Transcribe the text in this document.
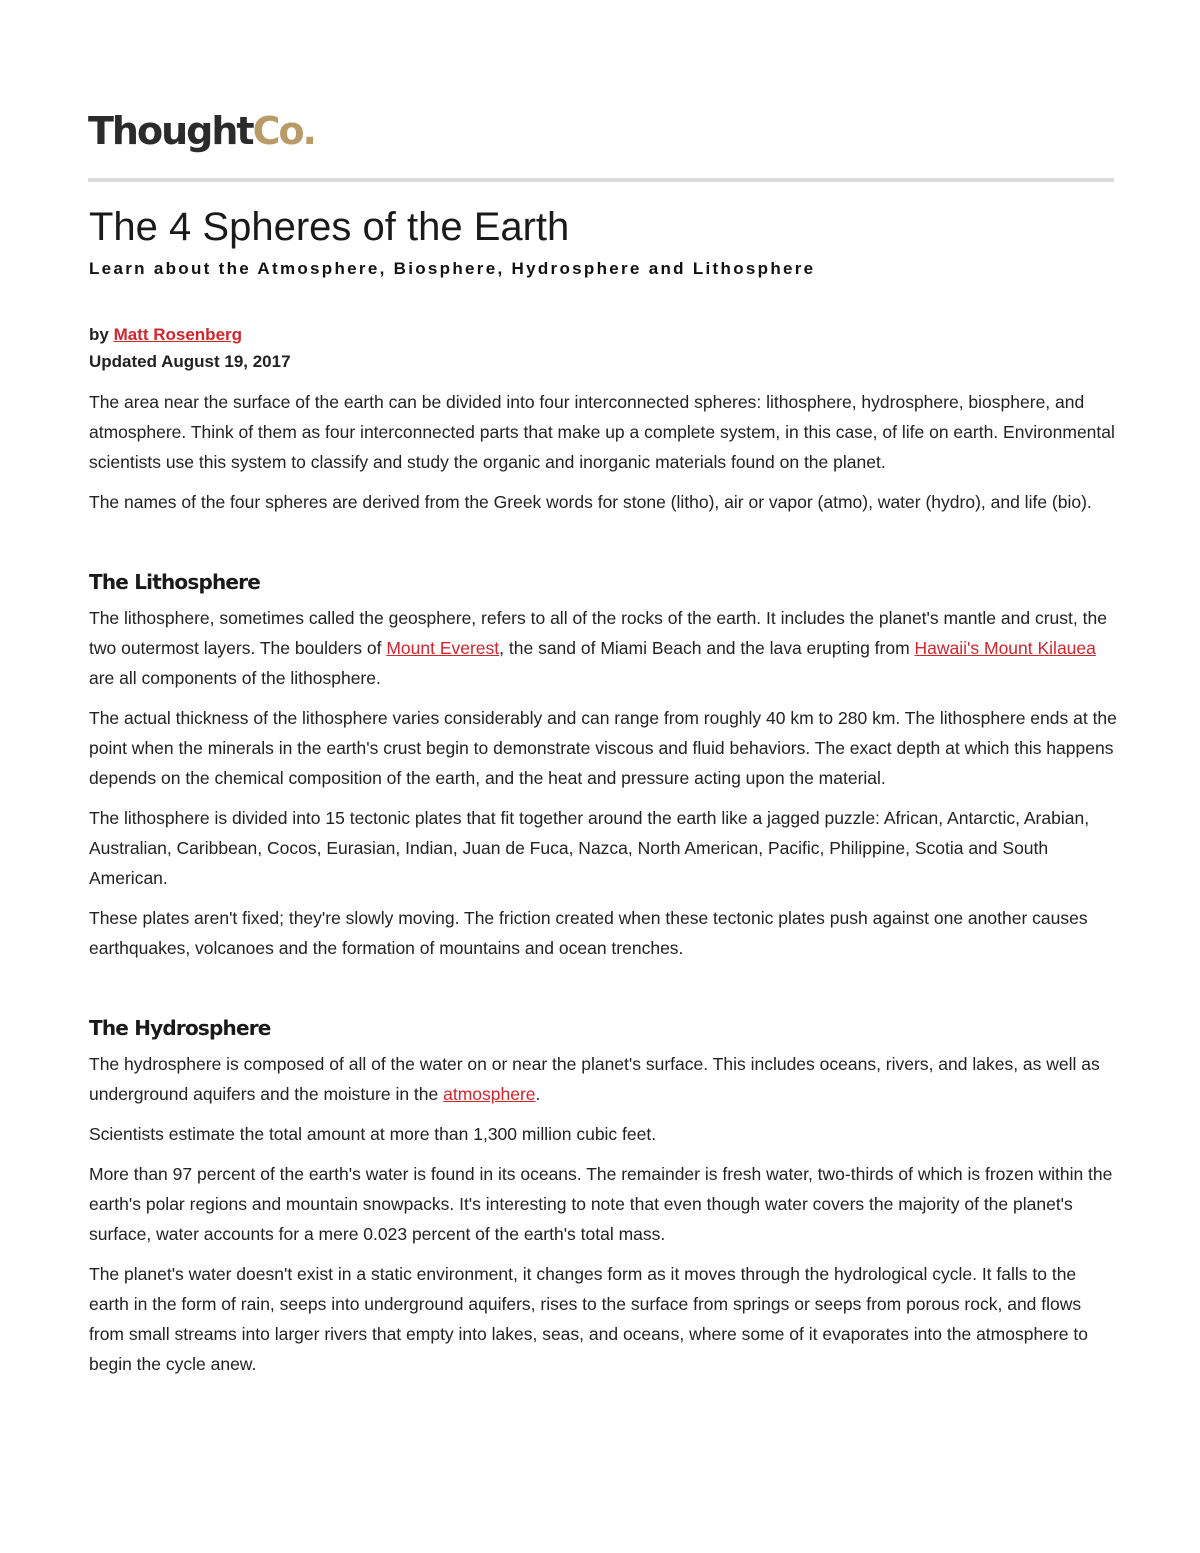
ThoughtCo.
The 4 Spheres of the Earth
Learn about the Atmosphere, Biosphere, Hydrosphere and Lithosphere
by Matt Rosenberg
Updated August 19, 2017

The area near the surface of the earth can be divided into four interconnected spheres: lithosphere, hydrosphere, biosphere, and atmosphere. Think of them as four interconnected parts that make up a complete system, in this case, of life on earth. Environmental scientists use this system to classify and study the organic and inorganic materials found on the planet.

The names of the four spheres are derived from the Greek words for stone (litho), air or vapor (atmo), water (hydro), and life (bio).

The Lithosphere

The lithosphere, sometimes called the geosphere, refers to all of the rocks of the earth. It includes the planet's mantle and crust, the two outermost layers. The boulders of Mount Everest, the sand of Miami Beach and the lava erupting from Hawaii's Mount Kilauea are all components of the lithosphere.

The actual thickness of the lithosphere varies considerably and can range from roughly 40 km to 280 km. The lithosphere ends at the point when the minerals in the earth's crust begin to demonstrate viscous and fluid behaviors. The exact depth at which this happens depends on the chemical composition of the earth, and the heat and pressure acting upon the material.

The lithosphere is divided into 15 tectonic plates that fit together around the earth like a jagged puzzle: African, Antarctic, Arabian, Australian, Caribbean, Cocos, Eurasian, Indian, Juan de Fuca, Nazca, North American, Pacific, Philippine, Scotia and South American.

These plates aren't fixed; they're slowly moving. The friction created when these tectonic plates push against one another causes earthquakes, volcanoes and the formation of mountains and ocean trenches.

The Hydrosphere

The hydrosphere is composed of all of the water on or near the planet's surface. This includes oceans, rivers, and lakes, as well as underground aquifers and the moisture in the atmosphere.

Scientists estimate the total amount at more than 1,300 million cubic feet.

More than 97 percent of the earth's water is found in its oceans. The remainder is fresh water, two-thirds of which is frozen within the earth's polar regions and mountain snowpacks. It's interesting to note that even though water covers the majority of the planet's surface, water accounts for a mere 0.023 percent of the earth's total mass.

The planet's water doesn't exist in a static environment, it changes form as it moves through the hydrological cycle. It falls to the earth in the form of rain, seeps into underground aquifers, rises to the surface from springs or seeps from porous rock, and flows from small streams into larger rivers that empty into lakes, seas, and oceans, where some of it evaporates into the atmosphere to begin the cycle anew.
